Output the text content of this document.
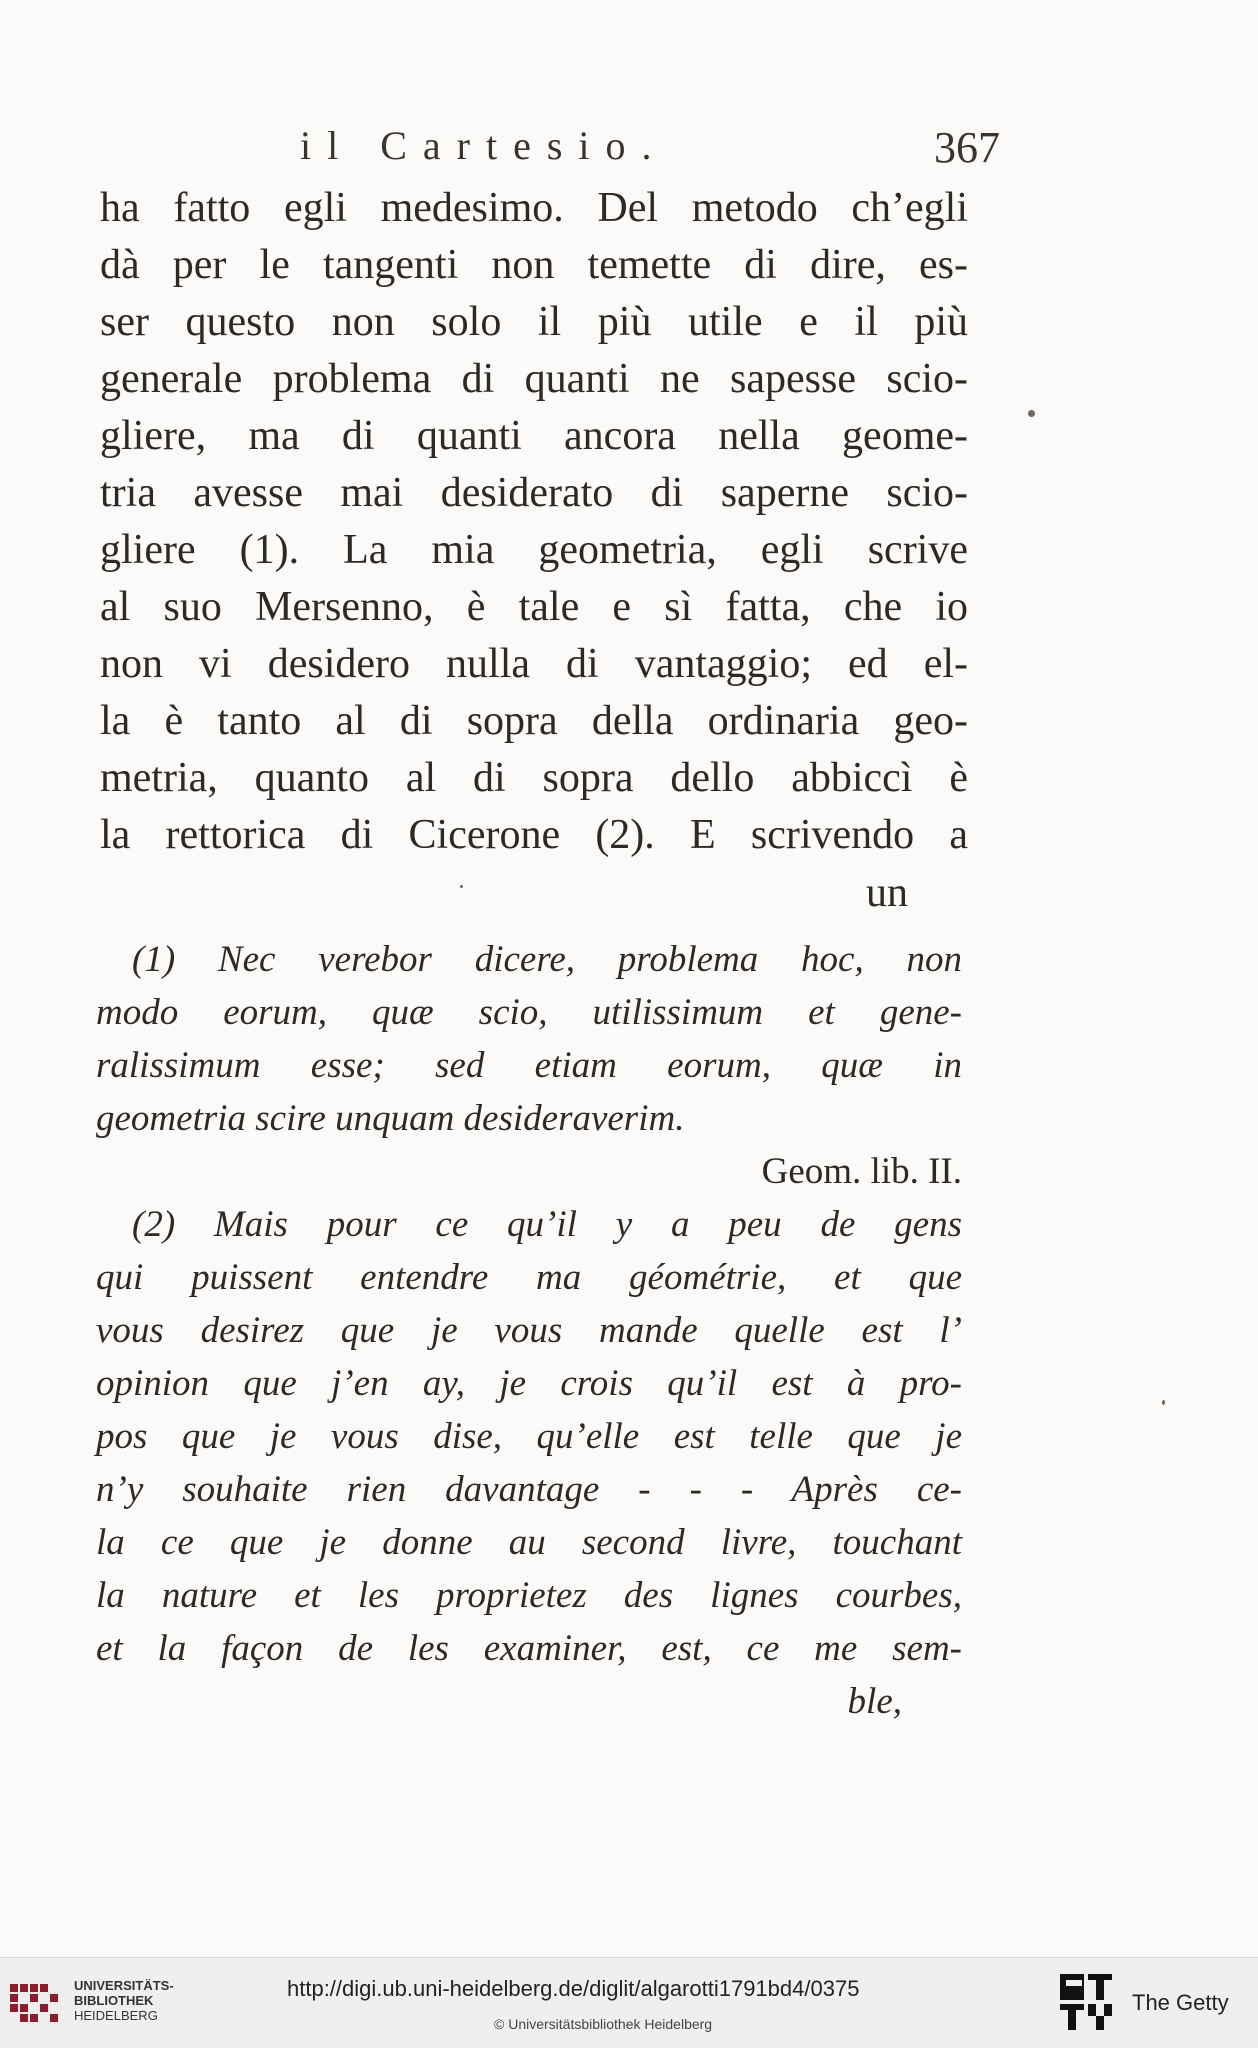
il Cartesio.	367
ha fatto egli medesimo. Del metodo ch’egli
dà per le tangenti non temette di dire, es-
ser questo non solo il più utile e il più
generale problema di quanti ne sapesse scio-
gliere, ma di quanti ancora nella geome-
tria avesse mai desiderato di saperne scio-
gliere (1). La mia geometria, egli scrive
al suo Mersenno, è tale e sì fatta, che io
non vi desidero nulla di vantaggio; ed el-
la è tanto al di sopra della ordinaria geo-
metria, quanto al di sopra dello abbiccì è
la rettorica di Cicerone (2). E scrivendo a
un
(1) Nec verebor dicere, problema hoc, non
modo eorum, quæ scio, utilissimum et gene-
ralissimum esse; sed etiam eorum, quæ in
geometria scire unquam desideraverim.
Geom. lib. II.
(2) Mais pour ce qu’il y a peu de gens
qui puissent entendre ma géométrie, et que
vous desirez que je vous mande quelle est l’
opinion que j’en ay, je crois qu’il est à pro-
pos que je vous dise, qu’elle est telle que je
n’y souhaite rien davantage - - - Après ce-
la ce que je donne au second livre, touchant
la nature et les proprietez des lignes courbes,
et la façon de les examiner, est, ce me sem-
ble,
UNIVERSITÄTS-
BIBLIOTHEK
HEIDELBERG
http://digi.ub.uni-heidelberg.de/diglit/algarotti1791bd4/0375
© Universitätsbibliothek Heidelberg
The Getty
